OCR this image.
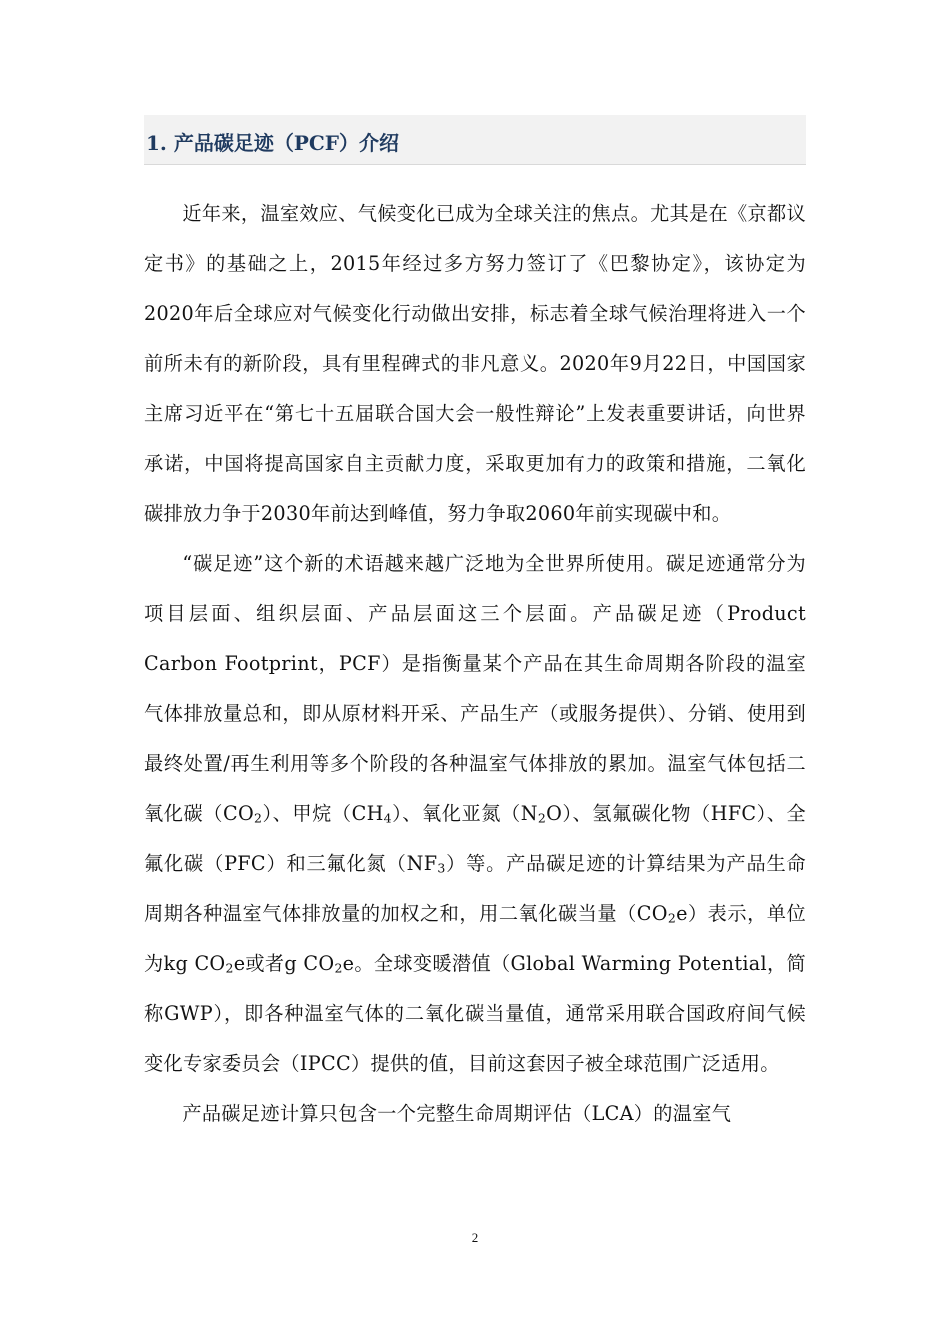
1. 产品碳足迹（PCF）介绍

近年来，温室效应、气候变化已成为全球关注的焦点。尤其是在《京都议定书》的基础之上，2015年经过多方努力签订了《巴黎协定》，该协定为2020年后全球应对气候变化行动做出安排，标志着全球气候治理将进入一个前所未有的新阶段，具有里程碑式的非凡意义。2020年9月22日，中国国家主席习近平在“第七十五届联合国大会一般性辩论”上发表重要讲话，向世界承诺，中国将提高国家自主贡献力度，采取更加有力的政策和措施，二氧化碳排放力争于2030年前达到峰值，努力争取2060年前实现碳中和。

“碳足迹”这个新的术语越来越广泛地为全世界所使用。碳足迹通常分为项目层面、组织层面、产品层面这三个层面。产品碳足迹（Product Carbon Footprint，PCF）是指衡量某个产品在其生命周期各阶段的温室气体排放量总和，即从原材料开采、产品生产（或服务提供）、分销、使用到最终处置/再生利用等多个阶段的各种温室气体排放的累加。温室气体包括二氧化碳$(CO_2)$、甲烷$(CH_4)$、氧化亚氮$(N_2O)$、氢氟碳化物（HFC）、全氟化碳（PFC）和三氟化氮$(NF_3)$等。产品碳足迹的计算结果为产品生命周期各种温室气体排放量的加权之和，用二氧化碳当量$(CO_2e)$表示，单位为kg $CO_2e$或者g $CO_2e$。全球变暖潜值（Global Warming Potential，简称GWP），即各种温室气体的二氧化碳当量值，通常采用联合国政府间气候变化专家委员会（IPCC）提供的值，目前这套因子被全球范围广泛适用。

产品碳足迹计算只包含一个完整生命周期评估（LCA）的温室气

2
